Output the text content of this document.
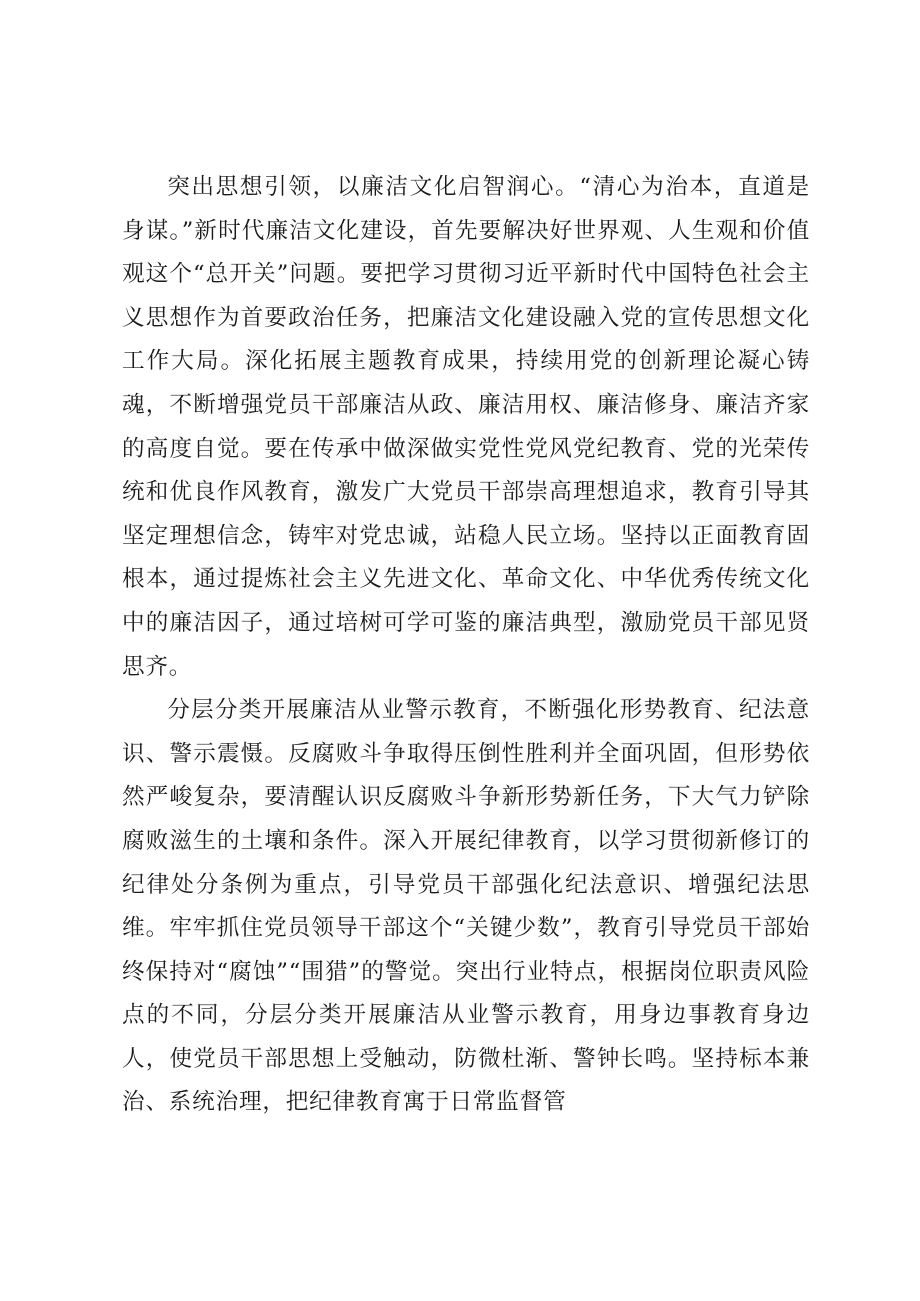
突出思想引领，以廉洁文化启智润心。“清心为治本，直道是身谋。”新时代廉洁文化建设，首先要解决好世界观、人生观和价值观这个“总开关”问题。要把学习贯彻习近平新时代中国特色社会主义思想作为首要政治任务，把廉洁文化建设融入党的宣传思想文化工作大局。深化拓展主题教育成果，持续用党的创新理论凝心铸魂，不断增强党员干部廉洁从政、廉洁用权、廉洁修身、廉洁齐家的高度自觉。要在传承中做深做实党性党风党纪教育、党的光荣传统和优良作风教育，激发广大党员干部崇高理想追求，教育引导其坚定理想信念，铸牢对党忠诚，站稳人民立场。坚持以正面教育固根本，通过提炼社会主义先进文化、革命文化、中华优秀传统文化中的廉洁因子，通过培树可学可鉴的廉洁典型，激励党员干部见贤思齐。

分层分类开展廉洁从业警示教育，不断强化形势教育、纪法意识、警示震慑。反腐败斗争取得压倒性胜利并全面巩固，但形势依然严峻复杂，要清醒认识反腐败斗争新形势新任务，下大气力铲除腐败滋生的土壤和条件。深入开展纪律教育，以学习贯彻新修订的纪律处分条例为重点，引导党员干部强化纪法意识、增强纪法思维。牢牢抓住党员领导干部这个“关键少数”，教育引导党员干部始终保持对“腐蚀”“围猎”的警觉。突出行业特点，根据岗位职责风险点的不同，分层分类开展廉洁从业警示教育，用身边事教育身边人，使党员干部思想上受触动，防微杜渐、警钟长鸣。坚持标本兼治、系统治理，把纪律教育寓于日常监督管
